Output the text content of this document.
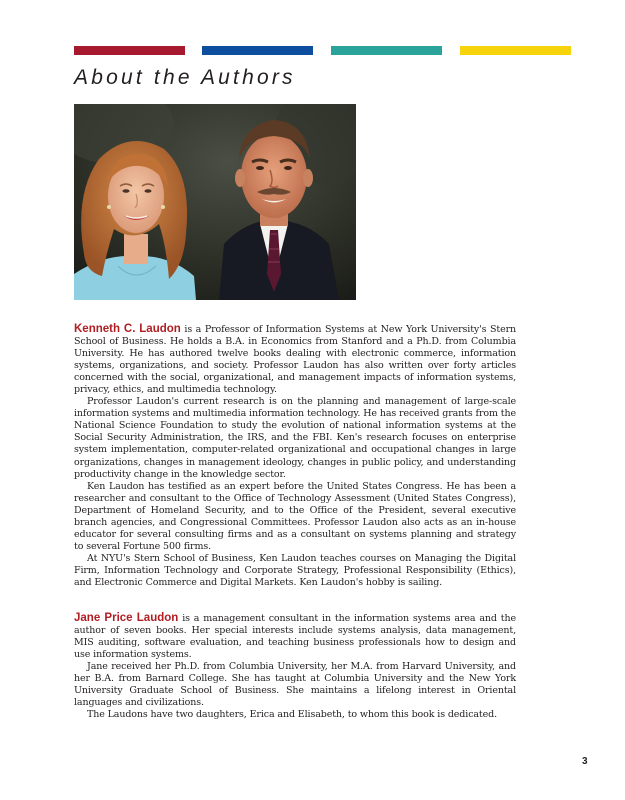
About the Authors

Kenneth C. Laudon is a Professor of Information Systems at New York University's Stern School of Business. He holds a B.A. in Economics from Stanford and a Ph.D. from Columbia University. He has authored twelve books dealing with electronic commerce, information systems, organizations, and society. Professor Laudon has also written over forty articles concerned with the social, organizational, and management impacts of information systems, privacy, ethics, and multimedia technology.

Professor Laudon's current research is on the planning and management of large-scale information systems and multimedia information technology. He has received grants from the National Science Foundation to study the evolution of national information systems at the Social Security Administration, the IRS, and the FBI. Ken's research focuses on enterprise system implementation, computer-related organizational and occupational changes in large organizations, changes in management ideology, changes in public policy, and understanding productivity change in the knowledge sector.

Ken Laudon has testified as an expert before the United States Congress. He has been a researcher and consultant to the Office of Technology Assessment (United States Congress), Department of Homeland Security, and to the Office of the President, several executive branch agencies, and Congressional Committees. Professor Laudon also acts as an in-house educator for several consulting firms and as a consultant on systems planning and strategy to several Fortune 500 firms.

At NYU's Stern School of Business, Ken Laudon teaches courses on Managing the Digital Firm, Information Technology and Corporate Strategy, Professional Responsibility (Ethics), and Electronic Commerce and Digital Markets. Ken Laudon's hobby is sailing.

Jane Price Laudon is a management consultant in the information systems area and the author of seven books. Her special interests include systems analysis, data management, MIS auditing, software evaluation, and teaching business professionals how to design and use information systems.

Jane received her Ph.D. from Columbia University, her M.A. from Harvard University, and her B.A. from Barnard College. She has taught at Columbia University and the New York University Graduate School of Business. She maintains a lifelong interest in Oriental languages and civilizations.

The Laudons have two daughters, Erica and Elisabeth, to whom this book is dedicated.

3
